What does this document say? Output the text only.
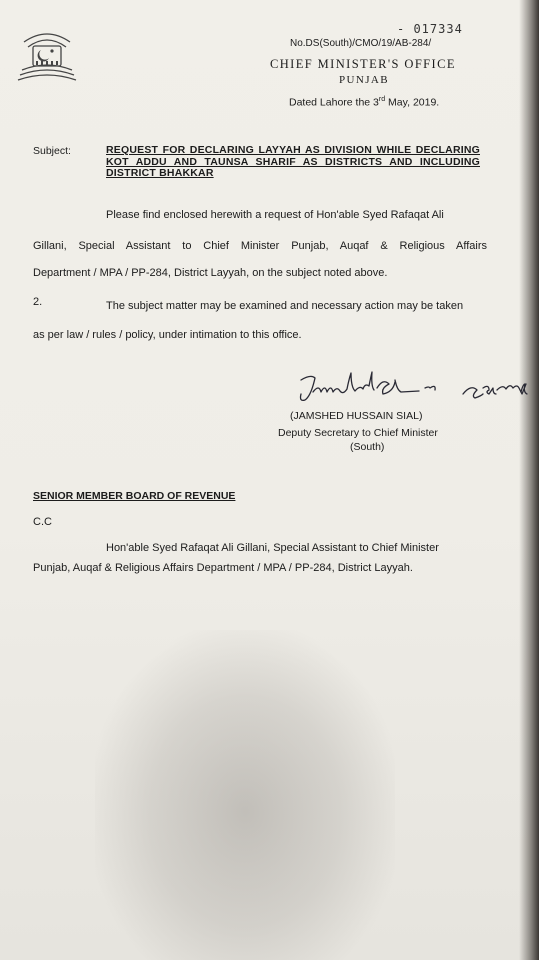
- 017334
No.DS(South)/CMO/19/AB-284/
CHIEF MINISTER'S OFFICE
PUNJAB
Dated Lahore the 3rd May, 2019.
Subject:	REQUEST FOR DECLARING LAYYAH AS DIVISION WHILE DECLARING KOT ADDU AND TAUNSA SHARIF AS DISTRICTS AND INCLUDING DISTRICT BHAKKAR
Please find enclosed herewith a request of Hon'able Syed Rafaqat Ali
Gillani, Special Assistant to Chief Minister Punjab, Auqaf & Religious Affairs
Department / MPA / PP-284, District Layyah, on the subject noted above.
2.	The subject matter may be examined and necessary action may be taken
as per law / rules / policy, under intimation to this office.
(JAMSHED HUSSAIN SIAL)
Deputy Secretary to Chief Minister
(South)
SENIOR MEMBER BOARD OF REVENUE
C.C
Hon'able Syed Rafaqat Ali Gillani, Special Assistant to Chief Minister
Punjab, Auqaf & Religious Affairs Department / MPA / PP-284, District Layyah.
